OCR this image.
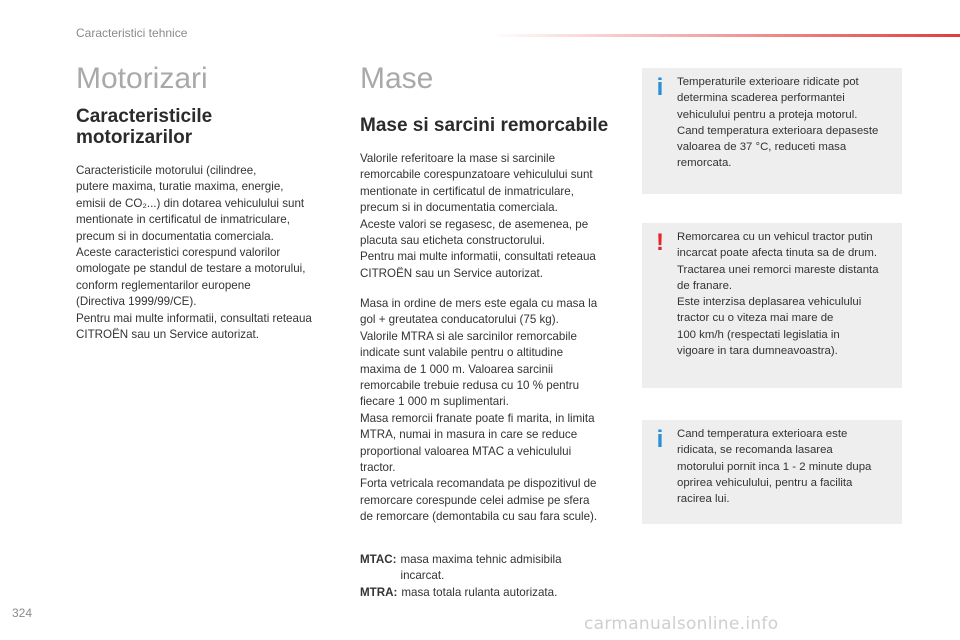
Caracteristici tehnice
Motorizari
Caracteristicile
motorizarilor

Caracteristicile motorului (cilindree,
putere maxima, turatie maxima, energie,
emisii de CO₂...) din dotarea vehiculului sunt
mentionate in certificatul de inmatriculare,
precum si in documentatia comerciala.
Aceste caracteristici corespund valorilor
omologate pe standul de testare a motorului,
conform reglementarilor europene
(Directiva 1999/99/CE).
Pentru mai multe informatii, consultati reteaua
CITROËN sau un Service autorizat.

Mase
Mase si sarcini remorcabile

Valorile referitoare la mase si sarcinile
remorcabile corespunzatoare vehiculului sunt
mentionate in certificatul de inmatriculare,
precum si in documentatia comerciala.
Aceste valori se regasesc, de asemenea, pe
placuta sau eticheta constructorului.
Pentru mai multe informatii, consultati reteaua
CITROËN sau un Service autorizat.

Masa in ordine de mers este egala cu masa la
gol + greutatea conducatorului (75 kg).
Valorile MTRA si ale sarcinilor remorcabile
indicate sunt valabile pentru o altitudine
maxima de 1 000 m. Valoarea sarcinii
remorcabile trebuie redusa cu 10 % pentru
fiecare 1 000 m suplimentari.
Masa remorcii franate poate fi marita, in limita
MTRA, numai in masura in care se reduce
proportional valoarea MTAC a vehiculului
tractor.
Forta vetricala recomandata pe dispozitivul de
remorcare corespunde celei admise pe sfera
de remorcare (demontabila cu sau fara scule).

MTAC: masa maxima tehnic admisibila
incarcat.
MTRA: masa totala rulanta autorizata.
i	Temperaturile exterioare ridicate pot
determina scaderea performantei
vehiculului pentru a proteja motorul.
Cand temperatura exterioara depaseste
valoarea de 37 °C, reduceti masa
remorcata.

!	Remorcarea cu un vehicul tractor putin
incarcat poate afecta tinuta sa de drum.
Tractarea unei remorci mareste distanta
de franare.
Este interzisa deplasarea vehiculului
tractor cu o viteza mai mare de
100 km/h (respectati legislatia in
vigoare in tara dumneavoastra).

i	Cand temperatura exterioara este
ridicata, se recomanda lasarea
motorului pornit inca 1 - 2 minute dupa
oprirea vehiculului, pentru a facilita
racirea lui.

324
carmanualsonline.info
